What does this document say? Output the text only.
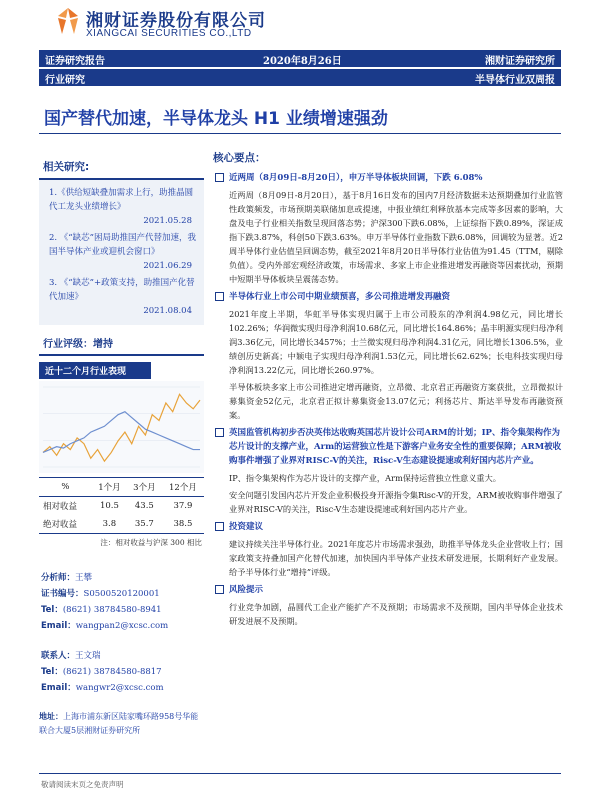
湘财证券股份有限公司
XIANGCAI SECURITIES CO.,LTD
证券研究报告	2020年8月26日	湘财证券研究所
行业研究	半导体行业双周报
国产替代加速，半导体龙头 H1 业绩增速强劲
相关研究:
1.《供给短缺叠加需求上行，助推晶圆代工龙头业绩增长》
2021.05.28
2. 《“缺芯”困局助推国产代替加速，我国半导体产业或迎机会窗口》
2021.06.29
3. 《“缺芯”+政策支持，助推国产化替代加速》
2021.08.04
行业评级：增持
近十二个月行业表现
%	1个月	3个月	12个月
相对收益	10.5	43.5	37.9
绝对收益	3.8	35.7	38.5
注：相对收益与沪深 300 相比
分析师：王攀
证书编号：S0500520120001
Tel：(8621) 38784580-8941
Email：wangpan2@xcsc.com
联系人：王文瑞
Tel：(8621) 38784580-8817
Email：wangwr2@xcsc.com
地址：上海市浦东新区陆家嘴环路958号华能联合大厦5层湘财证券研究所
核心要点：
近两周（8月09日-8月20日），申万半导体板块回调，下跌 6.08%
近两周（8月09日-8月20日），基于8月16日发布的国内7月经济数据未达预期叠加行业监管性政策频发，市场预期美联储加息或提速，中报业绩红利释放基本完成等多因素的影响，大盘及电子行业相关指数呈现回落态势；沪深300下跌6.08%，上证综指下跌0.89%，深证成指下跌3.87%，科创50下跌3.63%。申万半导体行业指数下跌6.08%，回调较为显著。近2周半导体行业估值呈回调态势，截至2021年8月20日半导体行业估值为91.45（TTM，剔除负值）。受内外部宏观经济政策，市场需求、多家上市企业推进增发再融资等因素扰动，预期中短期半导体板块呈震荡态势。
半导体行业上市公司中期业绩预喜，多公司推进增发再融资
2021年度上半期，华虹半导体实现归属于上市公司股东的净利润4.98亿元，同比增长102.26%；华润微实现归母净利润10.68亿元，同比增长164.86%；晶丰明源实现归母净利润3.36亿元，同比增长3457%；士兰微实现归母净利润4.31亿元，同比增长1306.5%，业绩创历史新高；中颖电子实现归母净利润1.53亿元，同比增长62.62%；长电科技实现归母净利润13.22亿元，同比增长260.97%。
半导体板块多家上市公司推进定增再融资，立昂微、北京君正再融资方案获批，立昂微拟计募集资金52亿元，北京君正拟计募集资金13.07亿元；利扬芯片、斯达半导发布再融资预案。
英国监管机构初步否决英伟达收购英国芯片设计公司ARM的计划；IP、指令集架构作为芯片设计的支撑产业，Arm的运营独立性是下游客户业务安全性的重要保障；ARM被收购事件增强了业界对RISC-V的关注，Risc-V生态建设提速或利好国内芯片产业。
IP、指令集架构作为芯片设计的支撑产业，Arm保持运营独立性意义重大。
安全问题引发国内芯片开发企业积极投身开源指令集Risc-V的开发，ARM被收购事件增强了业界对RISC-V的关注，Risc-V生态建设提速或利好国内芯片产业。
投资建议
建议持续关注半导体行业。2021年度芯片市场需求强劲，助推半导体龙头企业营收上行；国家政策支持叠加国产化替代加速，加快国内半导体产业技术研发进展，长期利好产业发展。给予半导体行业“增持”评级。
风险提示
行业竞争加剧，晶圆代工企业产能扩产不及预期；市场需求不及预期，国内半导体企业技术研发进展不及预期。
敬请阅读末页之免责声明
